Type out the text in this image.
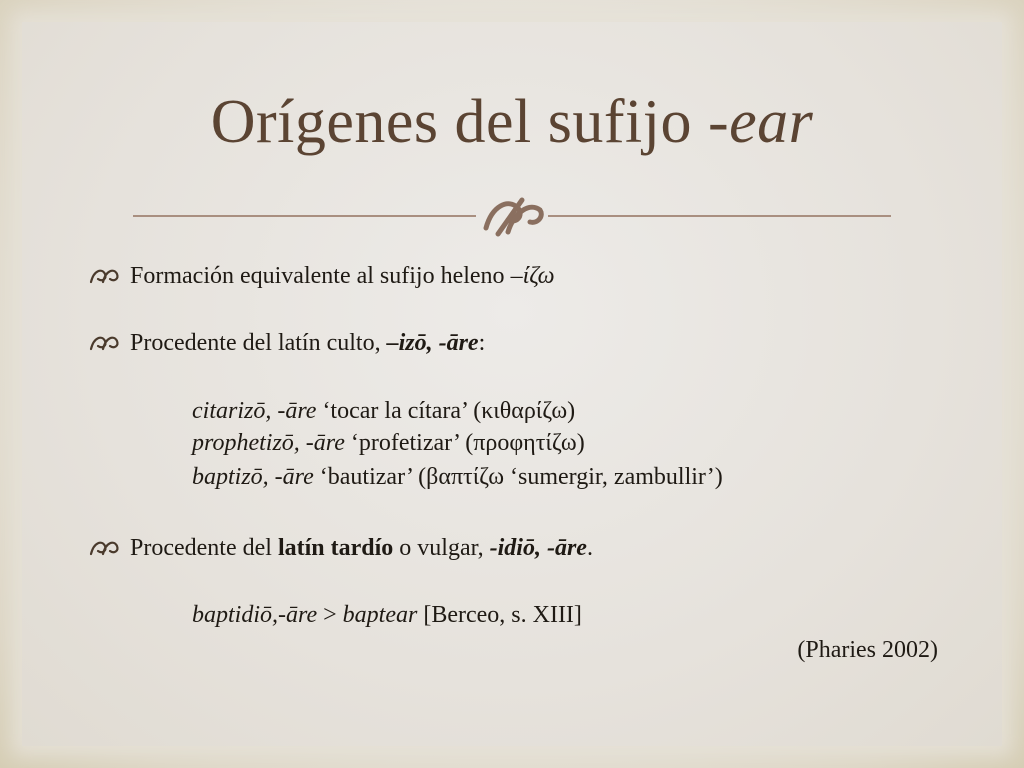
Orígenes del sufijo -ear
Formación equivalente al sufijo heleno –ίζω
Procedente del latín culto, –izō, -āre:
citarizō, -āre ‘tocar la cítara’ (κιθαρίζω)
prophetizō, -āre ‘profetizar’ (προφητίζω)
baptizō, -āre ‘bautizar’ (βαπτίζω ‘sumergir, zambullir’)
Procedente del latín tardío o vulgar, -idiō, -āre.
baptidiō,-āre > baptear [Berceo, s. XIII]
(Pharies 2002)
